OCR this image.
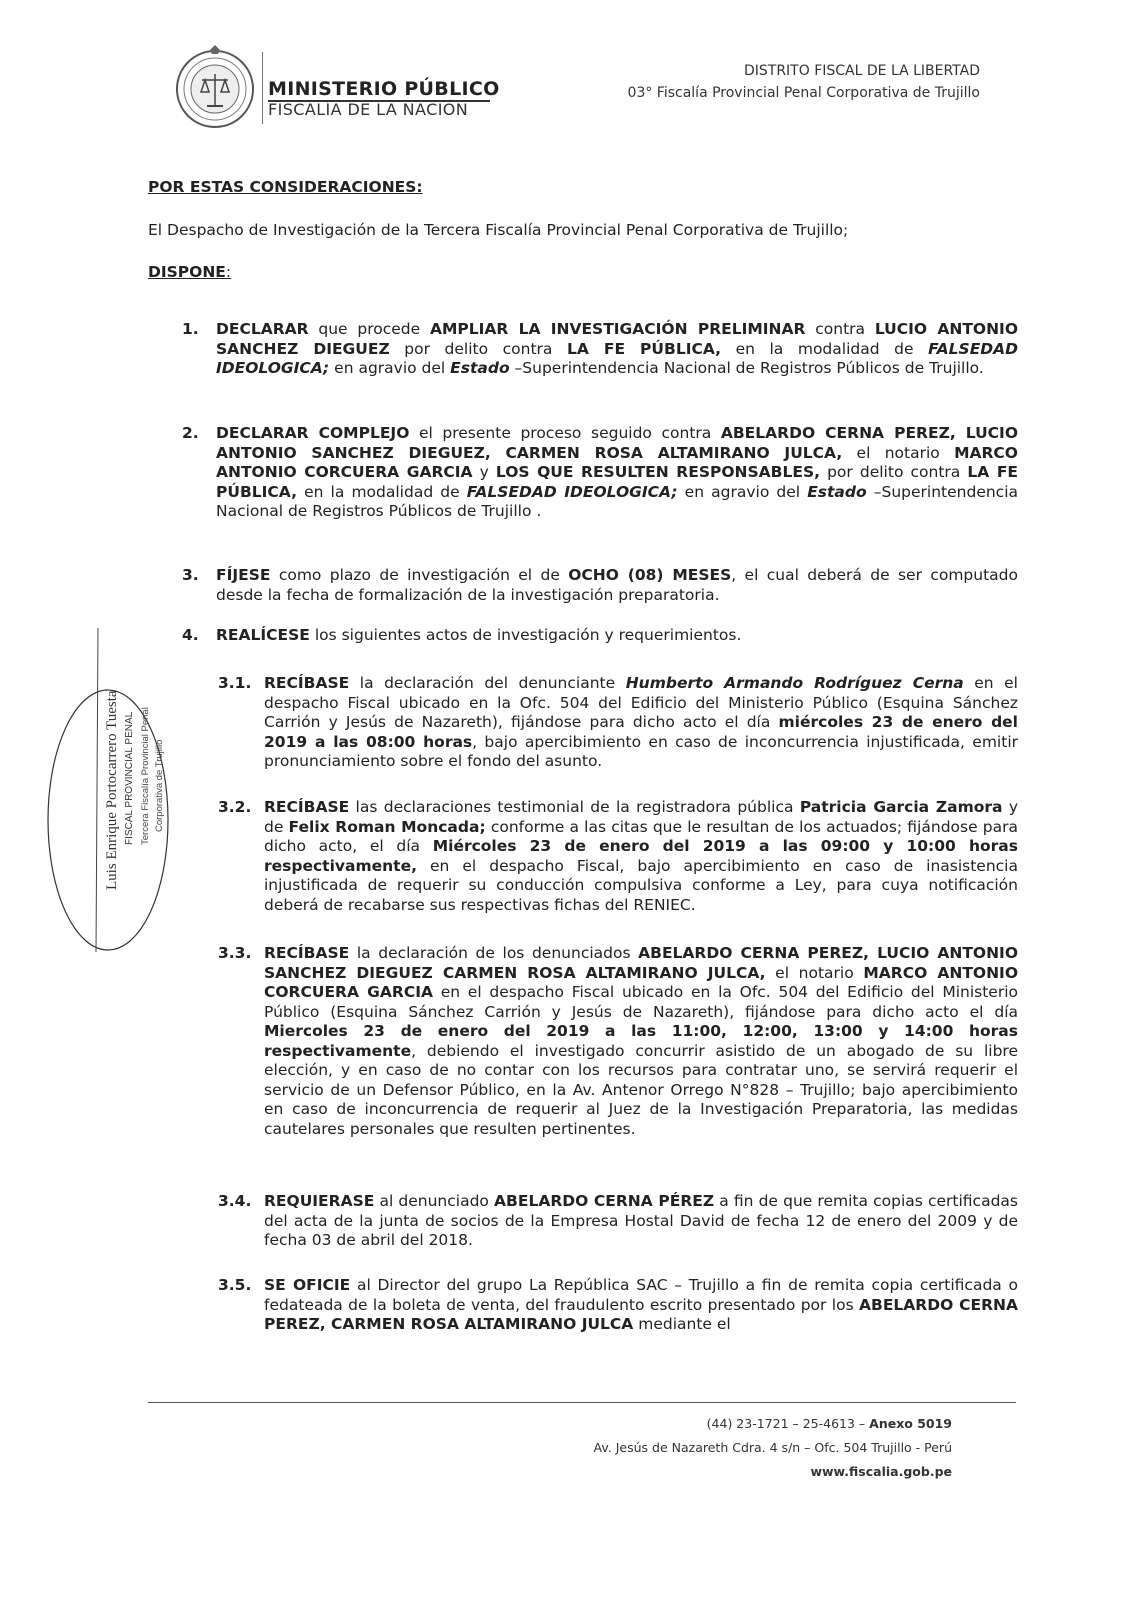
MINISTERIO PÚBLICO
FISCALÍA DE LA NACIÓN
DISTRITO FISCAL DE LA LIBERTAD
03° Fiscalía Provincial Penal Corporativa de Trujillo
POR ESTAS CONSIDERACIONES:
El Despacho de Investigación de la Tercera Fiscalía Provincial Penal Corporativa de Trujillo;
DISPONE:
1. DECLARAR que procede AMPLIAR LA INVESTIGACIÓN PRELIMINAR contra LUCIO ANTONIO SANCHEZ DIEGUEZ por delito contra LA FE PÚBLICA, en la modalidad de FALSEDAD IDEOLOGICA; en agravio del Estado –Superintendencia Nacional de Registros Públicos de Trujillo.
2. DECLARAR COMPLEJO el presente proceso seguido contra ABELARDO CERNA PEREZ, LUCIO ANTONIO SANCHEZ DIEGUEZ, CARMEN ROSA ALTAMIRANO JULCA, el notario MARCO ANTONIO CORCUERA GARCIA y LOS QUE RESULTEN RESPONSABLES, por delito contra LA FE PÚBLICA, en la modalidad de FALSEDAD IDEOLOGICA; en agravio del Estado –Superintendencia Nacional de Registros Públicos de Trujillo .
3. FÍJESE como plazo de investigación el de OCHO (08) MESES, el cual deberá de ser computado desde la fecha de formalización de la investigación preparatoria.
4. REALÍCESE los siguientes actos de investigación y requerimientos.
3.1. RECÍBASE la declaración del denunciante Humberto Armando Rodríguez Cerna en el despacho Fiscal ubicado en la Ofc. 504 del Edificio del Ministerio Público (Esquina Sánchez Carrión y Jesús de Nazareth), fijándose para dicho acto el día miércoles 23 de enero del 2019 a las 08:00 horas, bajo apercibimiento en caso de inconcurrencia injustificada, emitir pronunciamiento sobre el fondo del asunto.
3.2. RECÍBASE las declaraciones testimonial de la registradora pública Patricia Garcia Zamora y de Felix Roman Moncada; conforme a las citas que le resultan de los actuados; fijándose para dicho acto, el día Miércoles 23 de enero del 2019 a las 09:00 y 10:00 horas respectivamente, en el despacho Fiscal, bajo apercibimiento en caso de inasistencia injustificada de requerir su conducción compulsiva conforme a Ley, para cuya notificación deberá de recabarse sus respectivas fichas del RENIEC.
3.3. RECÍBASE la declaración de los denunciados ABELARDO CERNA PEREZ, LUCIO ANTONIO SANCHEZ DIEGUEZ CARMEN ROSA ALTAMIRANO JULCA, el notario MARCO ANTONIO CORCUERA GARCIA en el despacho Fiscal ubicado en la Ofc. 504 del Edificio del Ministerio Público (Esquina Sánchez Carrión y Jesús de Nazareth), fijándose para dicho acto el día Miercoles 23 de enero del 2019 a las 11:00, 12:00, 13:00 y 14:00 horas respectivamente, debiendo el investigado concurrir asistido de un abogado de su libre elección, y en caso de no contar con los recursos para contratar uno, se servirá requerir el servicio de un Defensor Público, en la Av. Antenor Orrego N°828 – Trujillo; bajo apercibimiento en caso de inconcurrencia de requerir al Juez de la Investigación Preparatoria, las medidas cautelares personales que resulten pertinentes.
3.4. REQUIERASE al denunciado ABELARDO CERNA PÉREZ a fin de que remita copias certificadas del acta de la junta de socios de la Empresa Hostal David de fecha 12 de enero del 2009 y de fecha 03 de abril del 2018.
3.5. SE OFICIE al Director del grupo La República SAC – Trujillo a fin de remita copia certificada o fedateada de la boleta de venta, del fraudulento escrito presentado por los ABELARDO CERNA PEREZ, CARMEN ROSA ALTAMIRANO JULCA mediante el
Luis Enrique Portocarrero Tuesta FISCAL PROVINCIAL PENAL Tercera Fiscalía Provincial Penal Corporativa de Trujillo
(44) 23-1721 – 25-4613 – Anexo 5019
Av. Jesús de Nazareth Cdra. 4 s/n – Ofc. 504 Trujillo - Perú
www.fiscalia.gob.pe
